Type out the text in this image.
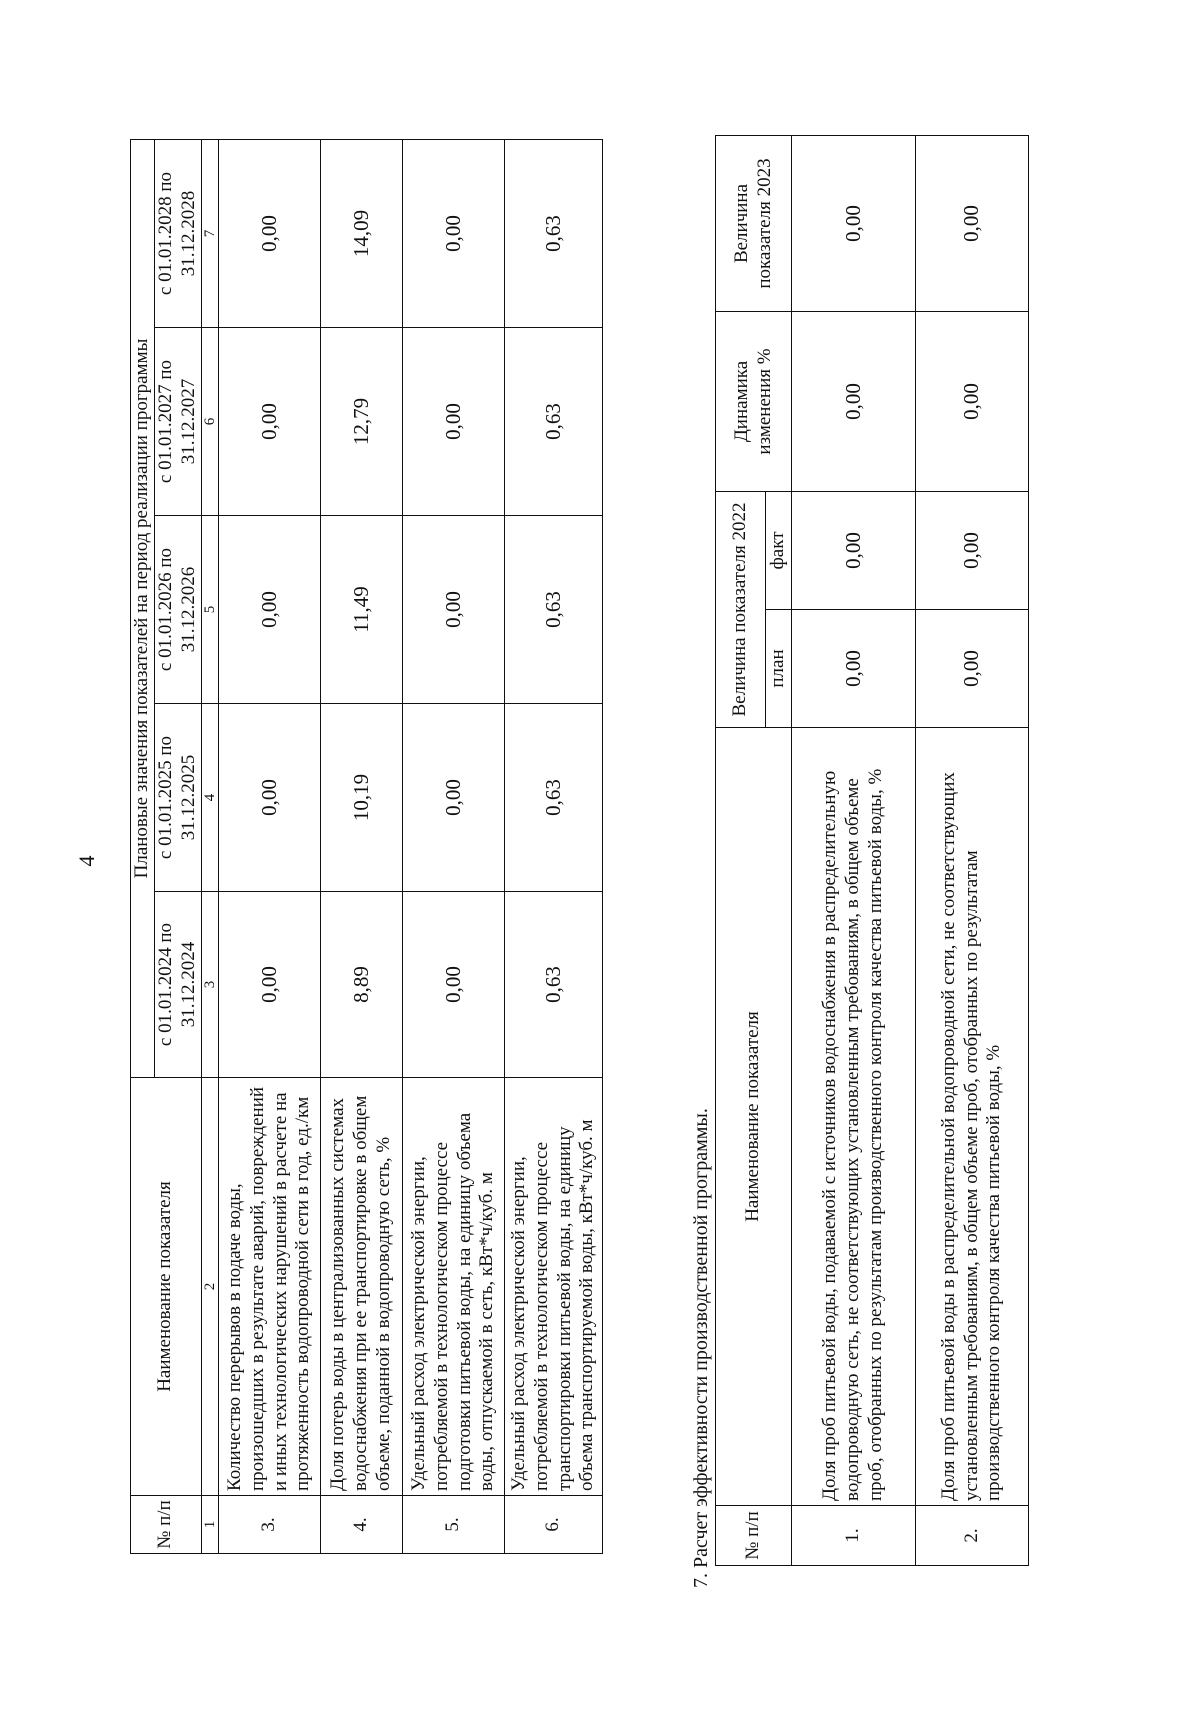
4
№ п/п	Наименование показателя	Плановые значения показателей на период реализации программы				
		с 01.01.2024 по 31.12.2024	с 01.01.2025 по 31.12.2025	с 01.01.2026 по 31.12.2026	с 01.01.2027 по 31.12.2027	с 01.01.2028 по 31.12.2028
1	2	3	4	5	6	7
3.	Количество перерывов в подаче воды, произошедших в результате аварий, повреждений и иных технологических нарушений в расчете на протяженность водопроводной сети в год, ед./км	0,00	0,00	0,00	0,00	0,00
4.	Доля потерь воды в централизованных системах водоснабжения при ее транспортировке в общем объеме, поданной в водопроводную сеть, %	8,89	10,19	11,49	12,79	14,09
5.	Удельный расход электрической энергии, потребляемой в технологическом процессе подготовки питьевой воды, на единицу объема воды, отпускаемой в сеть, кВт*ч/куб. м	0,00	0,00	0,00	0,00	0,00
6.	Удельный расход электрической энергии, потребляемой в технологическом процессе транспортировки питьевой воды, на единицу объема транспортируемой воды, кВт*ч/куб. м	0,63	0,63	0,63	0,63	0,63
7. Расчет эффективности производственной программы. № п/п	Наименование показателя	Величина показателя 2022		Динамика изменения %	Величина показателя 2023
		план	факт		
1.	Доля проб питьевой воды, подаваемой с источников водоснабжения в распределительную водопроводную сеть, не соответствующих установленным требованиям, в общем объеме проб, отобранных по результатам производственного контроля качества питьевой воды, %	0,00	0,00	0,00	0,00
2.	Доля проб питьевой воды в распределительной водопроводной сети, не соответствующих установленным требованиям, в общем объеме проб, отобранных по результатам производственного контроля качества питьевой воды, %	0,00	0,00	0,00	0,00
